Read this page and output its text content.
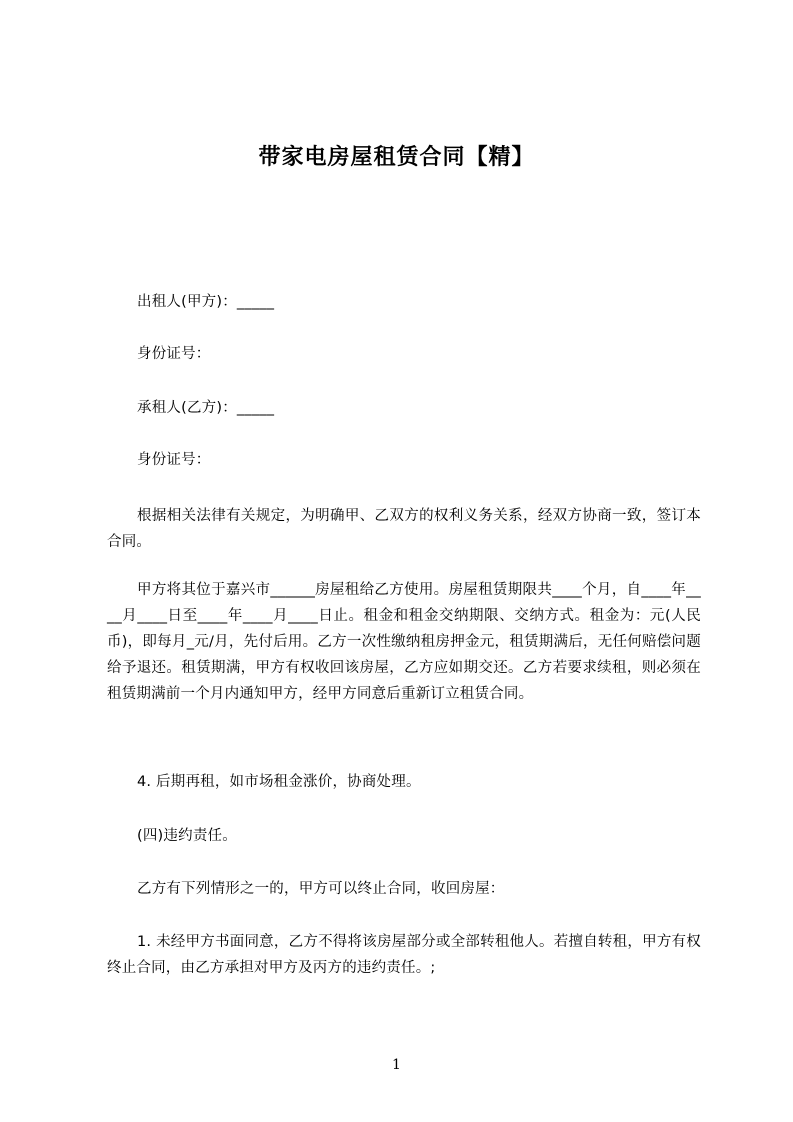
带家电房屋租赁合同【精】
出租人(甲方)：_____
身份证号：
承租人(乙方)：_____
身份证号：
根据相关法律有关规定，为明确甲、乙双方的权利义务关系，经双方协商一致，签订本合同。
甲方将其位于嘉兴市______房屋租给乙方使用。房屋租赁期限共____个月，自____年____月____日至____年____月____日止。租金和租金交纳期限、交纳方式。租金为：元(人民币)，即每月_元/月，先付后用。乙方一次性缴纳租房押金元，租赁期满后，无任何赔偿问题给予退还。租赁期满，甲方有权收回该房屋，乙方应如期交还。乙方若要求续租，则必须在租赁期满前一个月内通知甲方，经甲方同意后重新订立租赁合同。
4. 后期再租，如市场租金涨价，协商处理。
(四)违约责任。
乙方有下列情形之一的，甲方可以终止合同，收回房屋：
1. 未经甲方书面同意，乙方不得将该房屋部分或全部转租他人。若擅自转租，甲方有权终止合同，由乙方承担对甲方及丙方的违约责任。;
1
